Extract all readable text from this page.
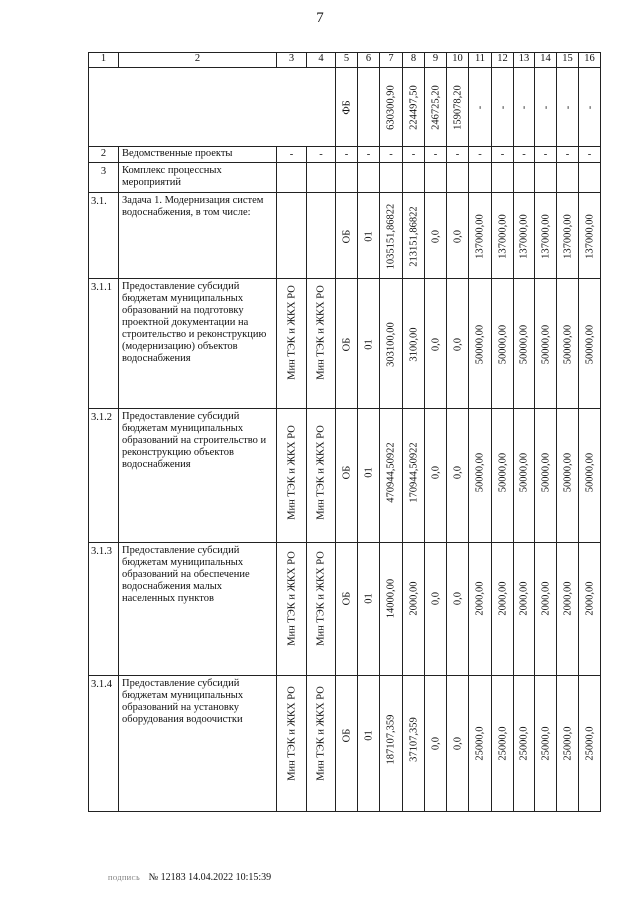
7
1	2	3	4	5	6	7	8	9	10	11	12	13	14	15	16

				ФБ		630300,90	224497,50	246725,20	159078,20	-	-	-	-	-	-

2	Ведомственные проекты	-	-	-	-	-	-	-	-	-	-	-	-	-	-
3	Комплекс процессных мероприятий														
3.1.	Задача 1. Модернизация систем водоснабжения, в том числе:			ОБ	01	1035151,86822	213151,86822	0,0	0,0	137000,00	137000,00	137000,00	137000,00	137000,00	137000,00

3.1.1	Предоставление субсидий бюджетам муниципальных образований на подготовку проектной документации на строительство и реконструкцию (модернизацию) объектов водоснабжения	Мин ТЭК и ЖКХ РО	Мин ТЭК и ЖКХ РО	ОБ	01	303100,00	3100,00	0,0	0,0	50000,00	50000,00	50000,00	50000,00	50000,00	50000,00

3.1.2	Предоставление субсидий бюджетам муниципальных образований на строительство и реконструкцию объектов водоснабжения	Мин ТЭК и ЖКХ РО	Мин ТЭК и ЖКХ РО	ОБ	01	470944,50922	170944,50922	0,0	0,0	50000,00	50000,00	50000,00	50000,00	50000,00	50000,00

3.1.3	Предоставление субсидий бюджетам муниципальных образований на обеспечение водоснабжения малых населенных пунктов	Мин ТЭК и ЖКХ РО	Мин ТЭК и ЖКХ РО	ОБ	01	14000,00	2000,00	0,0	0,0	2000,00	2000,00	2000,00	2000,00	2000,00	2000,00

3.1.4	Предоставление субсидий бюджетам муниципальных образований на установку оборудования водоочистки	Мин ТЭК и ЖКХ РО	Мин ТЭК и ЖКХ РО	ОБ	01	187107,359	37107,359	0,0	0,0	25000,0	25000,0	25000,0	25000,0	25000,0	25000,0
ПОДПИСЬ № 12183 14.04.2022 10:15:39
